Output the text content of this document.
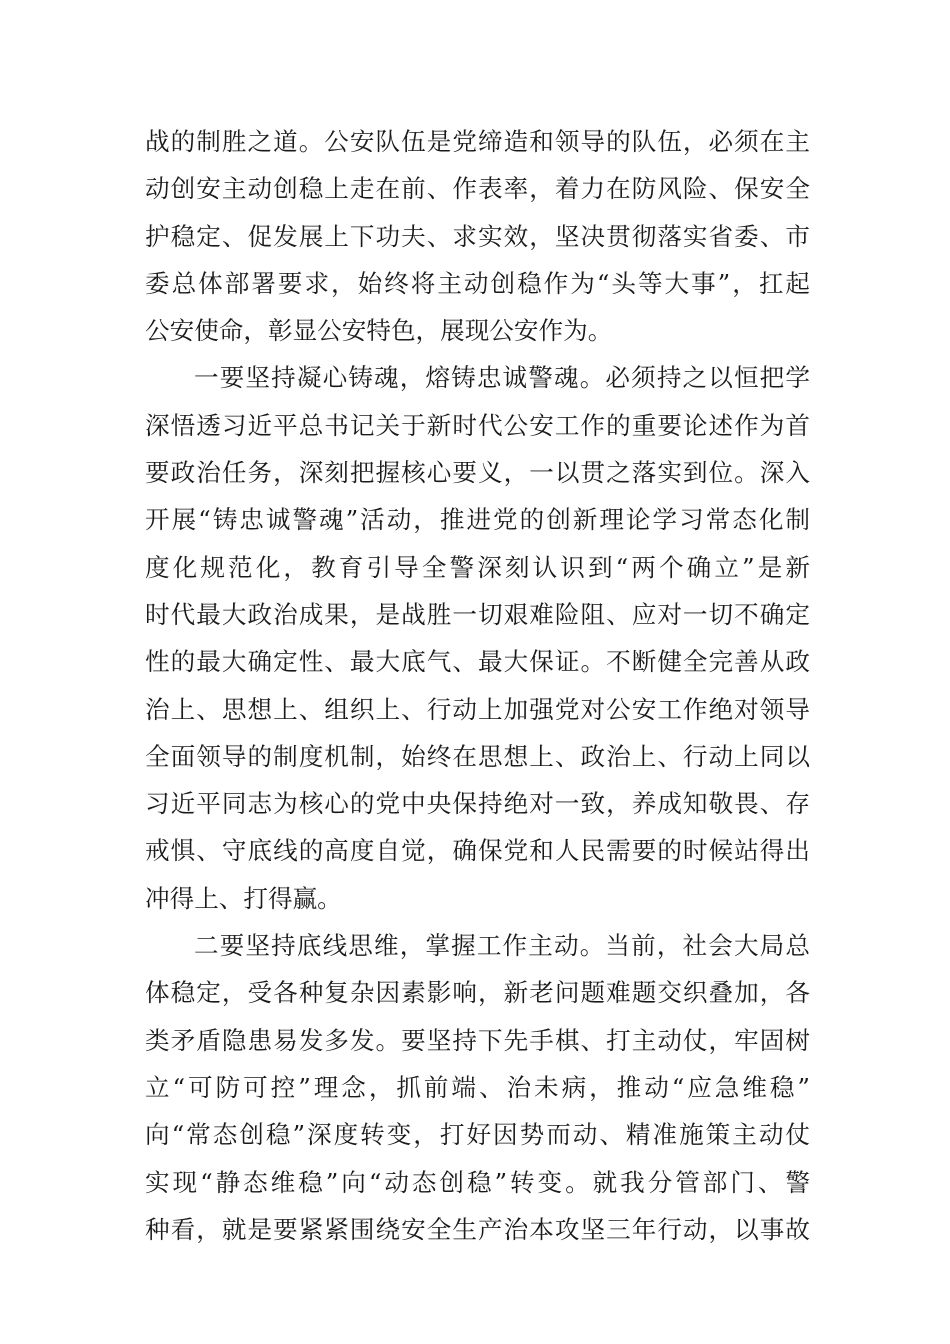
战的制胜之道。公安队伍是党缔造和领导的队伍，必须在主
动创安主动创稳上走在前、作表率，着力在防风险、保安全
护稳定、促发展上下功夫、求实效，坚决贯彻落实省委、市
委总体部署要求，始终将主动创稳作为“头等大事”，扛起
公安使命，彰显公安特色，展现公安作为。
一要坚持凝心铸魂，熔铸忠诚警魂。必须持之以恒把学
深悟透习近平总书记关于新时代公安工作的重要论述作为首
要政治任务，深刻把握核心要义，一以贯之落实到位。深入
开展“铸忠诚警魂”活动，推进党的创新理论学习常态化制
度化规范化，教育引导全警深刻认识到“两个确立”是新
时代最大政治成果，是战胜一切艰难险阻、应对一切不确定
性的最大确定性、最大底气、最大保证。不断健全完善从政
治上、思想上、组织上、行动上加强党对公安工作绝对领导
全面领导的制度机制，始终在思想上、政治上、行动上同以
习近平同志为核心的党中央保持绝对一致，养成知敬畏、存
戒惧、守底线的高度自觉，确保党和人民需要的时候站得出
冲得上、打得赢。
二要坚持底线思维，掌握工作主动。当前，社会大局总
体稳定，受各种复杂因素影响，新老问题难题交织叠加，各
类矛盾隐患易发多发。要坚持下先手棋、打主动仗，牢固树
立“可防可控”理念，抓前端、治未病，推动“应急维稳”
向“常态创稳”深度转变，打好因势而动、精准施策主动仗
实现“静态维稳”向“动态创稳”转变。就我分管部门、警
种看，就是要紧紧围绕安全生产治本攻坚三年行动，以事故
